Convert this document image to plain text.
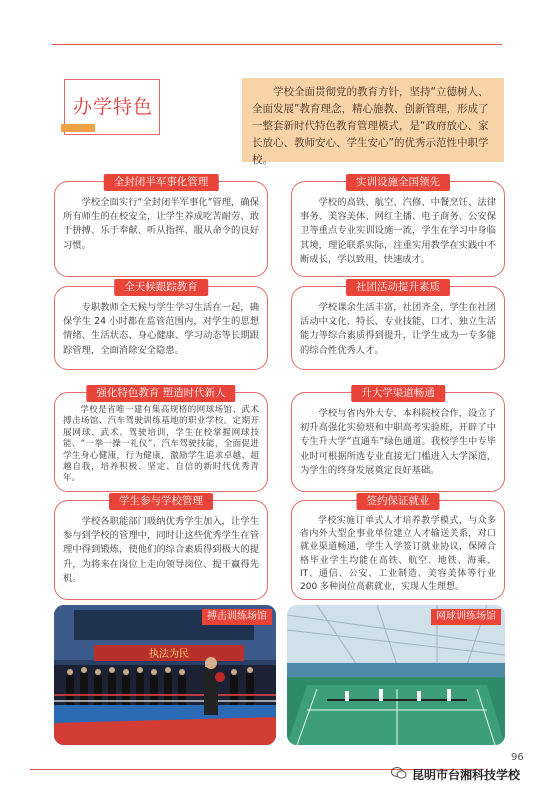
办学特色
学校全面贯彻党的教育方针，坚持“立德树人、全面发展”教育理念，精心施教、创新管理，形成了一整套新时代特色教育管理模式，是“政府放心、家长放心、教师安心、学生安心”的优秀示范性中职学校。
全封闭半军事化管理
学校全面实行“全封闭半军事化”管理，确保所有师生的在校安全，让学生养成吃苦耐劳、敢于拼搏、乐于奉献、听从指挥、服从命令的良好习惯。
实训设施全国领先
学校的高铁、航空、汽修、中餐烹饪、法律事务、美容美体、网红主播、电子商务、公安保卫等重点专业实训设施一流，学生在学习中身临其境，理论联系实际，注重实用教学在实践中不断成长，学以致用，快速成才。
全天候跟踪教育
专职教师全天候与学生学习生活在一起，确保学生 24 小时都在监管范围内，对学生的思想情绪、生活状态、身心健康、学习动态等长期跟踪管理，全面消除安全隐患。
社团活动提升素质
学校课余生活丰富，社团齐全，学生在社团活动中文化、特长、专业技能、口才、独立生活能力等综合素质得到提升，让学生成为一专多能的综合性优秀人才。
强化特色教育 塑造时代新人
学校是省唯一建有集高规格的网球场馆、武术搏击场馆、汽车驾驶训练基地的职业学校。定期开展网球、武术、驾驶培训，学生在校掌握网球技能、“一拳一操一礼仪”、汽车驾驶技能，全面促进学生身心健康，行为健康，激励学生追求卓越、超越自我，培养积极、坚定、自信的新时代优秀青年。
升大学渠道畅通
学校与省内外大专、本科院校合作，设立了初升高强化实验班和中职高考实验班，开辟了中专生升大学“直通车”绿色通道。我校学生中专毕业时可根据所选专业直接无门槛进入大学深造，为学生的终身发展奠定良好基础。
学生参与学校管理
学校各职能部门吸纳优秀学生加入，让学生参与到学校的管理中，同时让这些优秀学生在管理中得到锻炼，使他们的综合素质得到极大的提升，为将来在岗位上走向领导岗位、提干赢得先机。
签约保证就业
学校实施订单式人才培养教学模式，与众多省内外大型企事业单位建立人才输送关系，对口就业渠道畅通，学生入学签订就业协议，保障合格毕业学生均能在高铁、航空、地铁、海乘、IT、通信、公安、工业制造、美容美体等行业 200 多种岗位高薪就业，实现人生理想。
执法为民
搏击训练场馆	网球训练场馆
96
昆明市台湘科技学校
